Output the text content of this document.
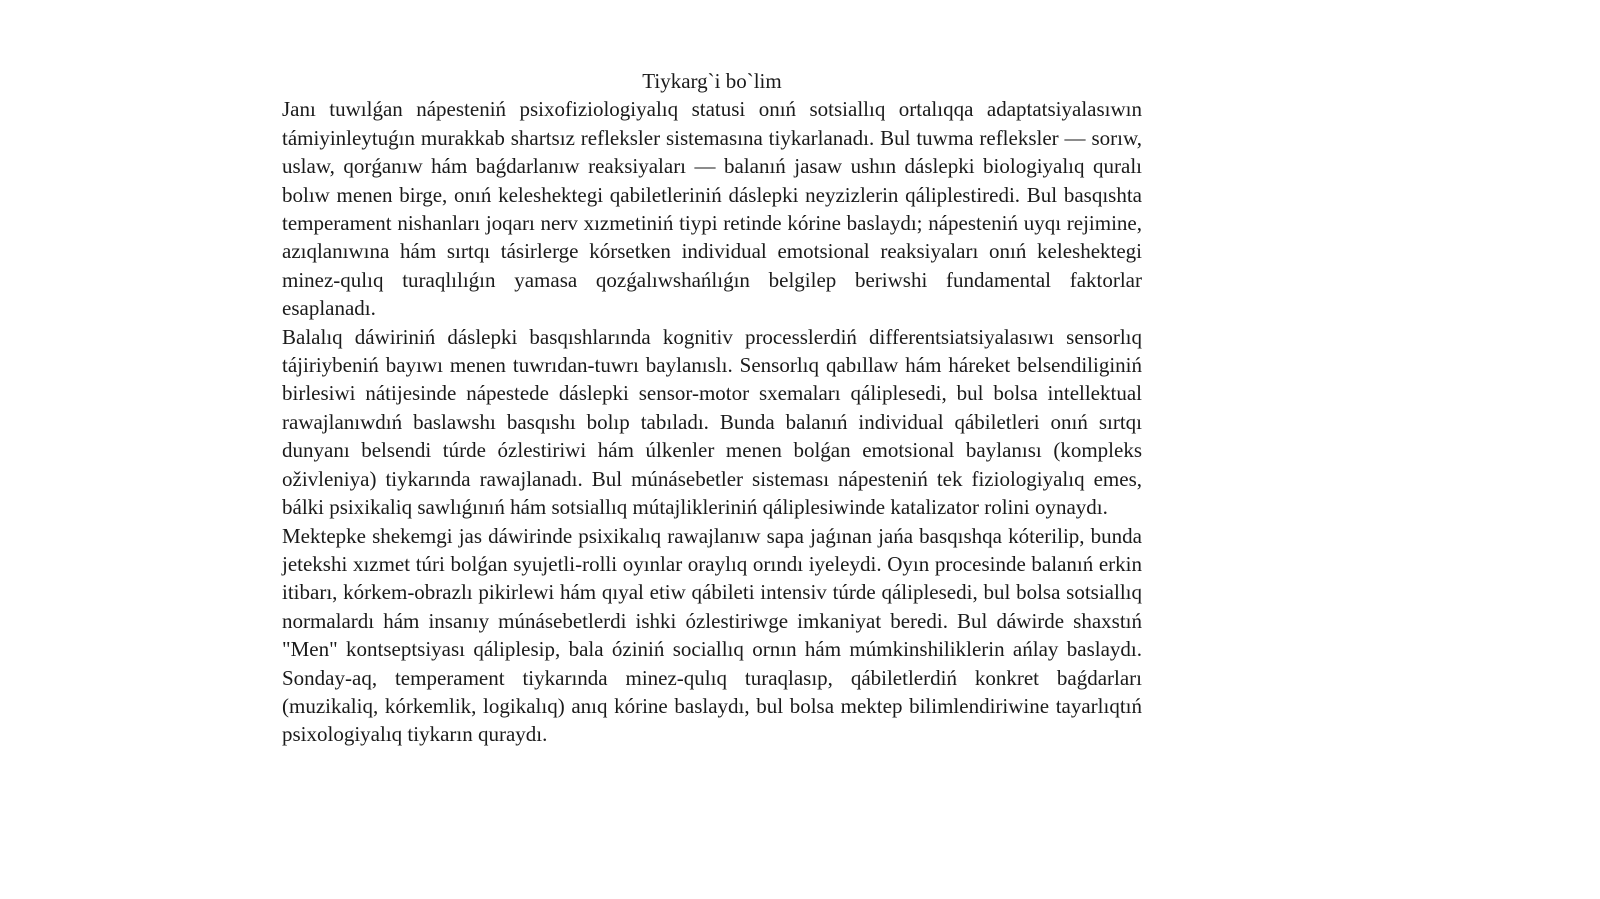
Tiykarg`i bo`lim

Janı tuwılǵan nápesteniń psixofiziologiyalıq statusi onıń sotsiallıq ortalıqqa adaptatsiyalasıwın támiyinleytuǵın murakkab shartsız refleksler sistemasına tiykarlanadı. Bul tuwma refleksler — sorıw, uslaw, qorǵanıw hám baǵdarlanıw reaksiyaları — balanıń jasaw ushın dáslepki biologiyalıq quralı bolıw menen birge, onıń keleshektegi qabiletleriniń dáslepki neyzizlerin qáliplestiredi. Bul basqıshta temperament nishanları joqarı nerv xızmetiniń tiypi retinde kórine baslaydı; nápesteniń uyqı rejimine, azıqlanıwına hám sırtqı tásirlerge kórsetken individual emotsional reaksiyaları onıń keleshektegi minez-qulıq turaqlılıǵın yamasa qozǵalıwshańlıǵın belgilep beriwshi fundamental faktorlar esaplanadı.

Balalıq dáwiriniń dáslepki basqıshlarında kognitiv processlerdiń differentsiatsiyalasıwı sensorlıq tájiriybeniń bayıwı menen tuwrıdan-tuwrı baylanıslı. Sensorlıq qabıllaw hám háreket belsendiliginiń birlesiwi nátijesinde nápestede dáslepki sensor-motor sxemaları qáliplesedi, bul bolsa intellektual rawajlanıwdıń baslawshı basqıshı bolıp tabıladı. Bunda balanıń individual qábiletleri onıń sırtqı dunyanı belsendi túrde ózlestiriwi hám úlkenler menen bolǵan emotsional baylanısı (kompleks oživleniya) tiykarında rawajlanadı. Bul múnásebetler sisteması nápesteniń tek fiziologiyalıq emes, bálki psixikaliq sawlıǵınıń hám sotsiallıq mútajlikleriniń qáliplesiwinde katalizator rolini oynaydı.

Mektepke shekemgi jas dáwirinde psixikalıq rawajlanıw sapa jaǵınan jańa basqıshqa kóterilip, bunda jetekshi xızmet túri bolǵan syujetli-rolli oyınlar oraylıq orındı iyeleydi. Oyın procesinde balanıń erkin itibarı, kórkem-obrazlı pikirlewi hám qıyal etiw qábileti intensiv túrde qáliplesedi, bul bolsa sotsiallıq normalardı hám insanıy múnásebetlerdi ishki ózlestiriwge imkaniyat beredi. Bul dáwirde shaxstıń "Men" kontseptsiyası qáliplesip, bala óziniń sociallıq ornın hám múmkinshiliklerin ańlay baslaydı. Sonday-aq, temperament tiykarında minez-qulıq turaqlasıp, qábiletlerdiń konkret baǵdarları (muzikaliq, kórkemlik, logikalıq) anıq kórine baslaydı, bul bolsa mektep bilimlendiriwine tayarlıqtıń psixologiyalıq tiykarın quraydı.
